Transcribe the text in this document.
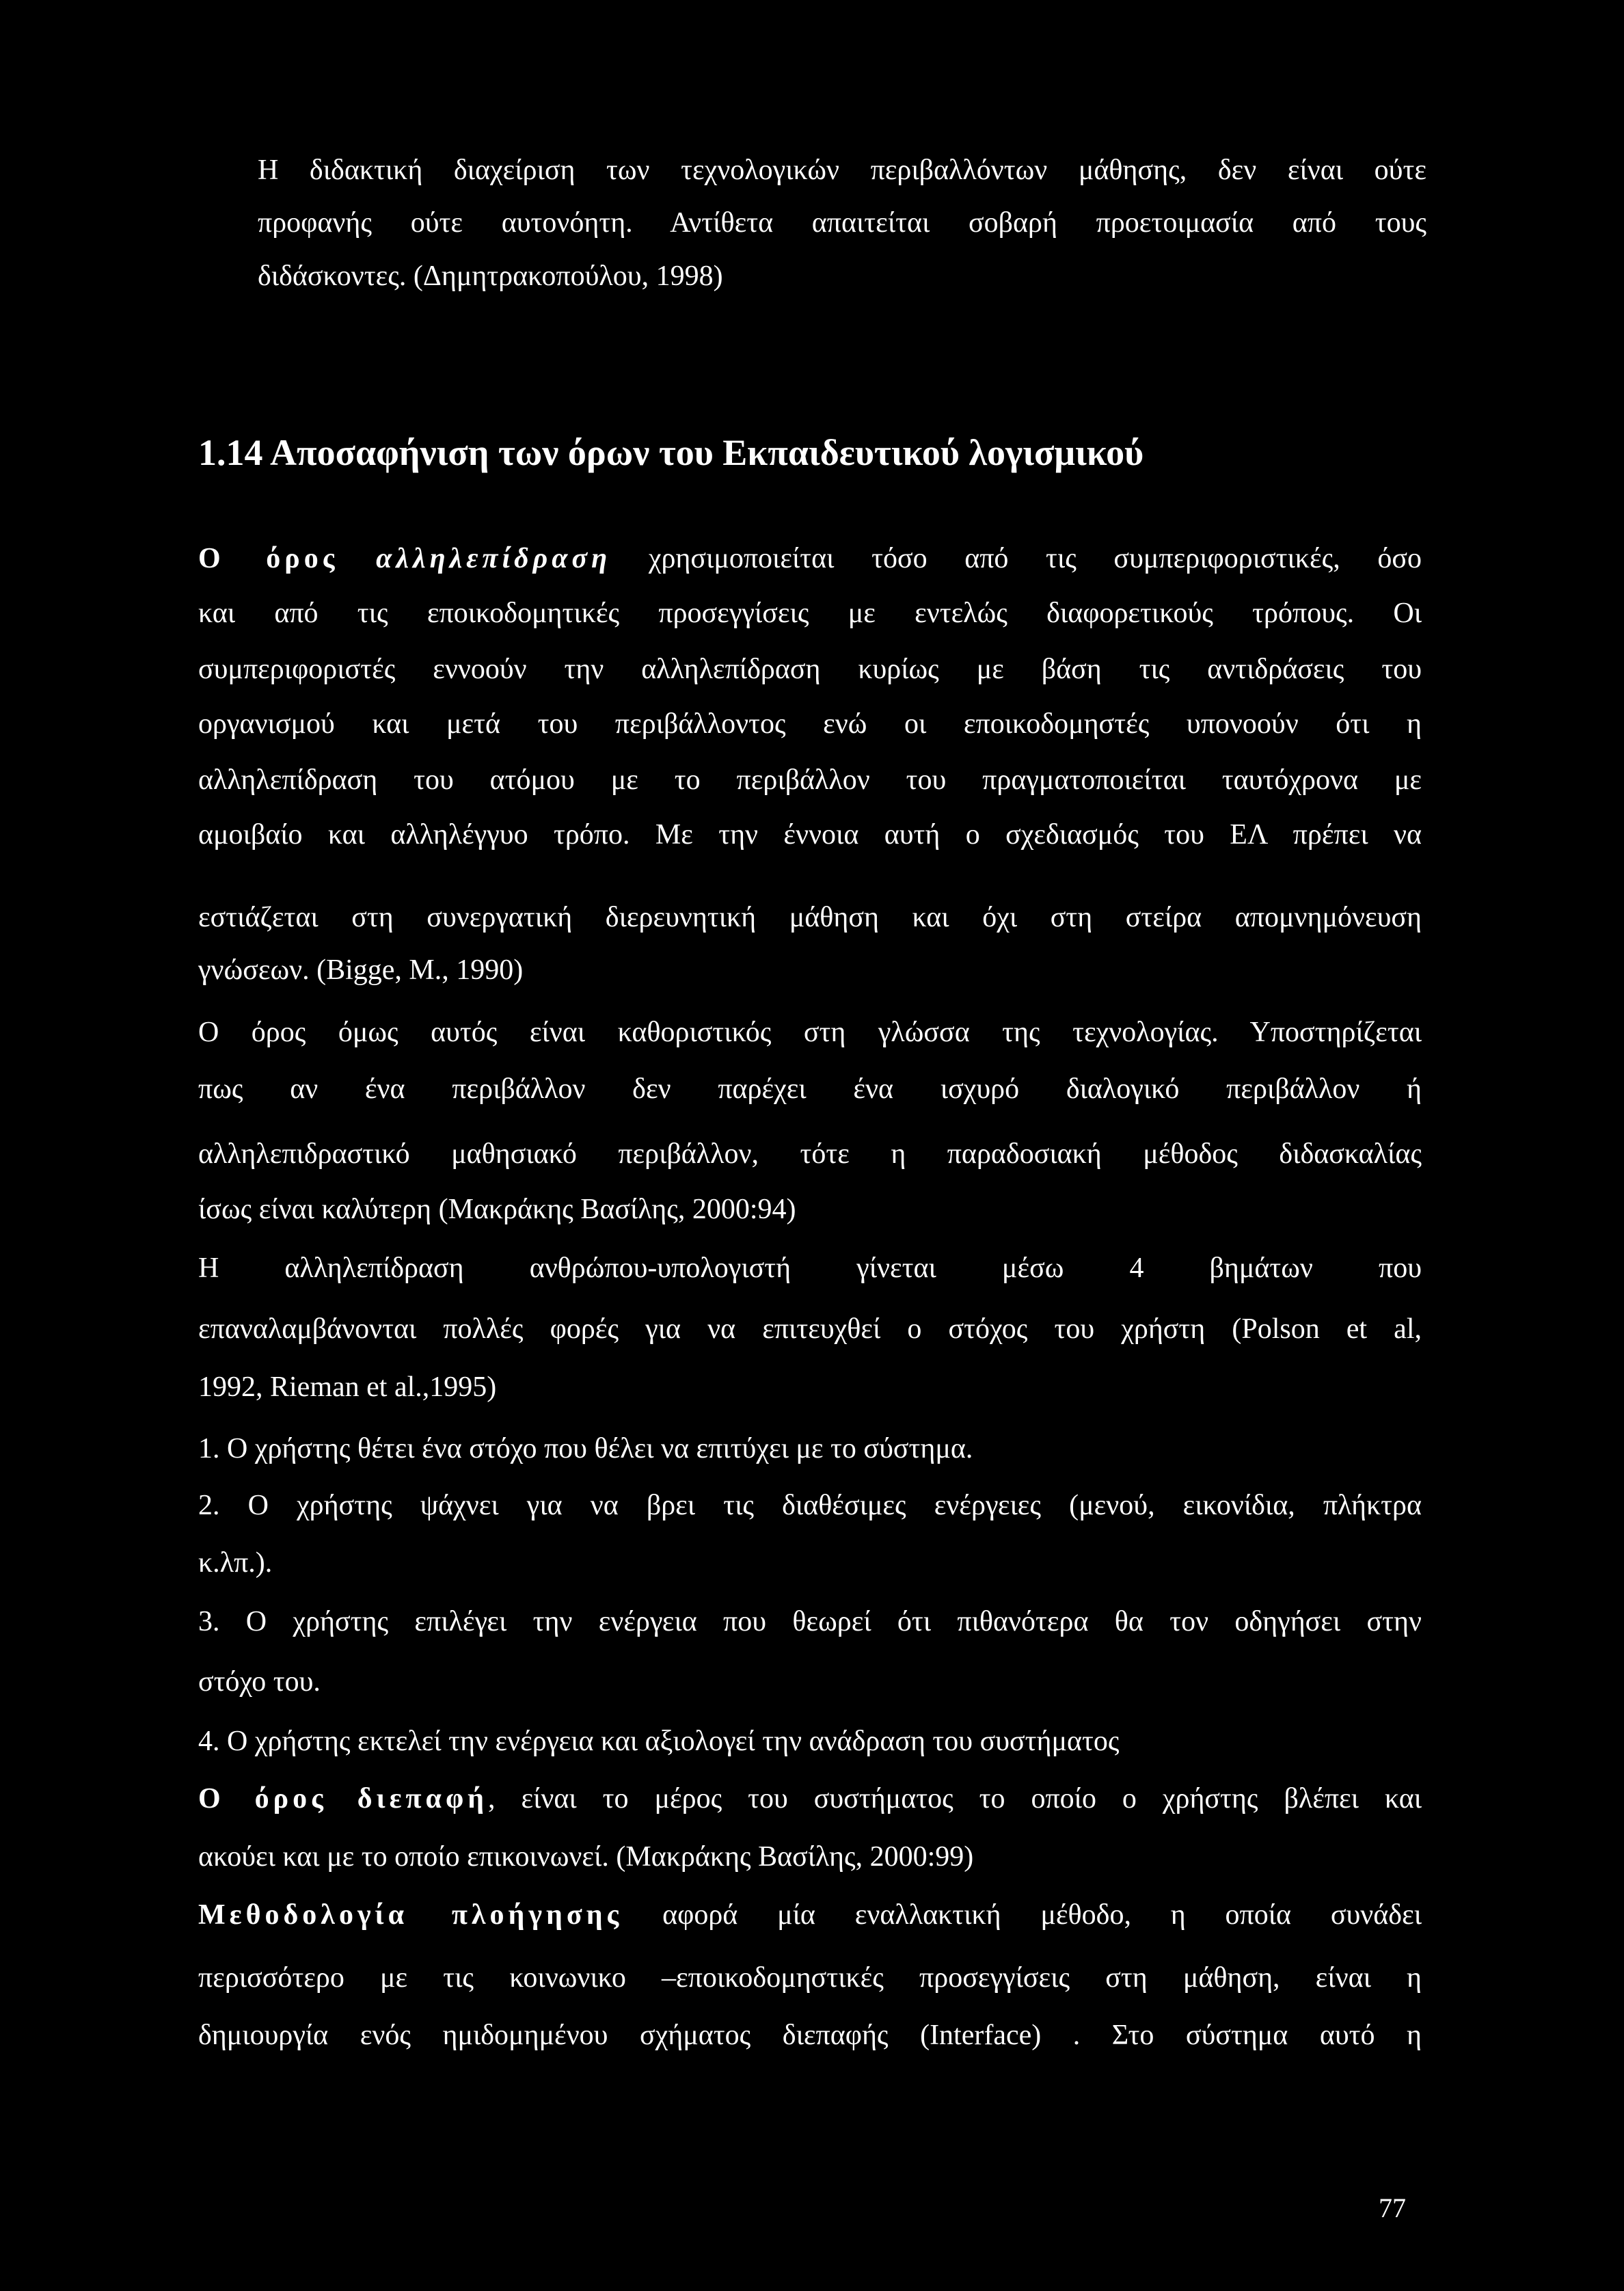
Η διδακτική διαχείριση των τεχνολογικών περιβαλλόντων μάθησης, δεν είναι ούτε
προφανής ούτε αυτονόητη. Αντίθετα απαιτείται σοβαρή προετοιμασία από τους
διδάσκοντες. (Δημητρακοπούλου, 1998)
1.14 Αποσαφήνιση των όρων του Εκπαιδευτικού λογισμικού
Ο όρος αλληλεπίδραση χρησιμοποιείται τόσο από τις συμπεριφοριστικές, όσο
και από τις εποικοδομητικές προσεγγίσεις με εντελώς διαφορετικούς τρόπους. Οι
συμπεριφοριστές εννοούν την αλληλεπίδραση κυρίως με βάση τις αντιδράσεις του
οργανισμού και μετά του περιβάλλοντος ενώ οι εποικοδομηστές υπονοούν ότι η
αλληλεπίδραση του ατόμου με το περιβάλλον του πραγματοποιείται ταυτόχρονα με
αμοιβαίο και αλληλέγγυο τρόπο. Με την έννοια αυτή ο σχεδιασμός του ΕΛ πρέπει να
εστιάζεται στη συνεργατική διερευνητική μάθηση και όχι στη στείρα απομνημόνευση
γνώσεων. (Bigge, M., 1990)
Ο όρος όμως αυτός είναι καθοριστικός στη γλώσσα της τεχνολογίας. Υποστηρίζεται
πως αν ένα περιβάλλον δεν παρέχει ένα ισχυρό διαλογικό περιβάλλον ή
αλληλεπιδραστικό μαθησιακό περιβάλλον, τότε η παραδοσιακή μέθοδος διδασκαλίας
ίσως είναι καλύτερη (Μακράκης Βασίλης, 2000:94)
Η αλληλεπίδραση ανθρώπου-υπολογιστή γίνεται μέσω 4 βημάτων που
επαναλαμβάνονται πολλές φορές για να επιτευχθεί ο στόχος του χρήστη (Polson et al,
1992, Rieman et al.,1995)
1. Ο χρήστης θέτει ένα στόχο που θέλει να επιτύχει με το σύστημα.
2. Ο χρήστης ψάχνει για να βρει τις διαθέσιμες ενέργειες (μενού, εικονίδια, πλήκτρα
κ.λπ.).
3. Ο χρήστης επιλέγει την ενέργεια που θεωρεί ότι πιθανότερα θα τον οδηγήσει στην
στόχο του.
4. Ο χρήστης εκτελεί την ενέργεια και αξιολογεί την ανάδραση του συστήματος
Ο όρος διεπαφή, είναι το μέρος του συστήματος το οποίο ο χρήστης βλέπει και
ακούει και με το οποίο επικοινωνεί. (Μακράκης Βασίλης, 2000:99)
Μεθοδολογία πλοήγησης αφορά μία εναλλακτική μέθοδο, η οποία συνάδει
περισσότερο με τις κοινωνικο –εποικοδομηστικές προσεγγίσεις στη μάθηση, είναι η
δημιουργία ενός ημιδομημένου σχήματος διεπαφής (Interface) . Στο σύστημα αυτό η
77
